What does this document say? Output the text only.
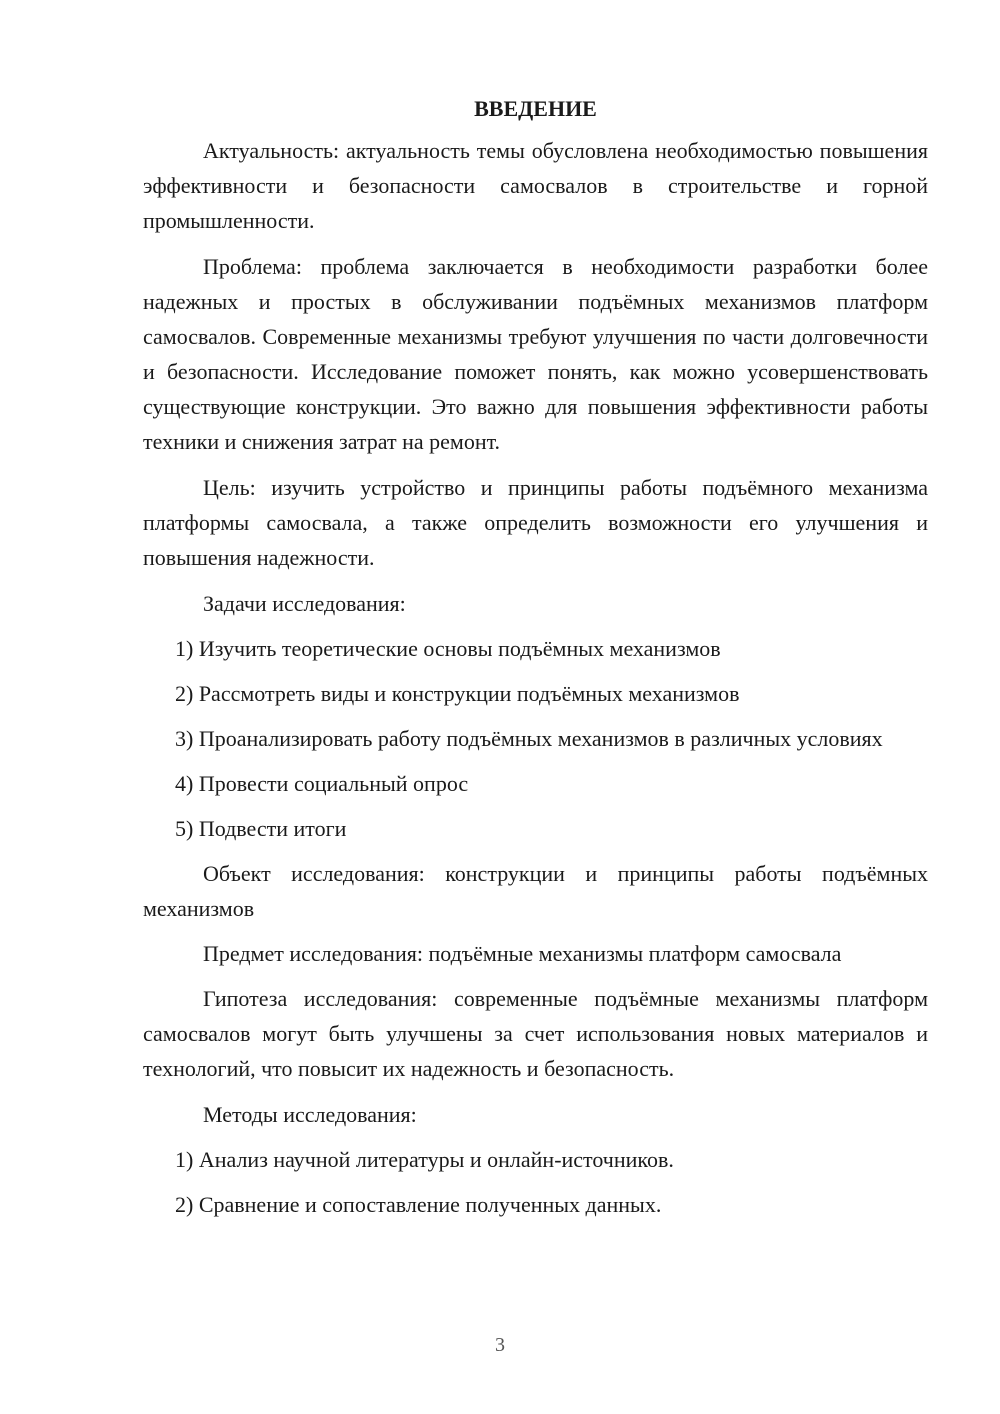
ВВЕДЕНИЕ

Актуальность: актуальность темы обусловлена необходимостью повышения эффективности и безопасности самосвалов в строительстве и горной промышленности.

Проблема: проблема заключается в необходимости разработки более надежных и простых в обслуживании подъёмных механизмов платформ самосвалов. Современные механизмы требуют улучшения по части долговечности и безопасности. Исследование поможет понять, как можно усовершенствовать существующие конструкции. Это важно для повышения эффективности работы техники и снижения затрат на ремонт.

Цель: изучить устройство и принципы работы подъёмного механизма платформы самосвала, а также определить возможности его улучшения и повышения надежности.

Задачи исследования:

1) Изучить теоретические основы подъёмных механизмов

2) Рассмотреть виды и конструкции подъёмных механизмов

3) Проанализировать работу подъёмных механизмов в различных условиях

4) Провести социальный опрос

5) Подвести итоги

Объект исследования: конструкции и принципы работы подъёмных механизмов

Предмет исследования: подъёмные механизмы платформ самосвала

Гипотеза исследования: современные подъёмные механизмы платформ самосвалов могут быть улучшены за счет использования новых материалов и технологий, что повысит их надежность и безопасность.

Методы исследования:

1) Анализ научной литературы и онлайн-источников.

2) Сравнение и сопоставление полученных данных.

3
